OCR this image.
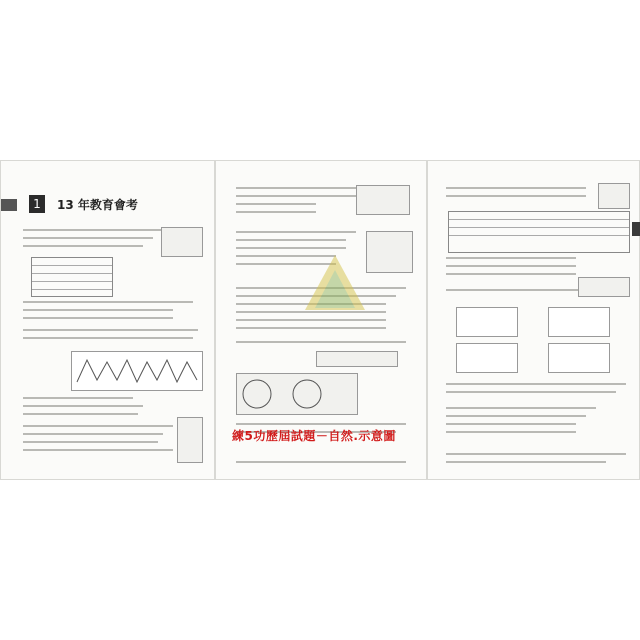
1	13 年教育會考
練5功歷屆試題－自然.示意圖
